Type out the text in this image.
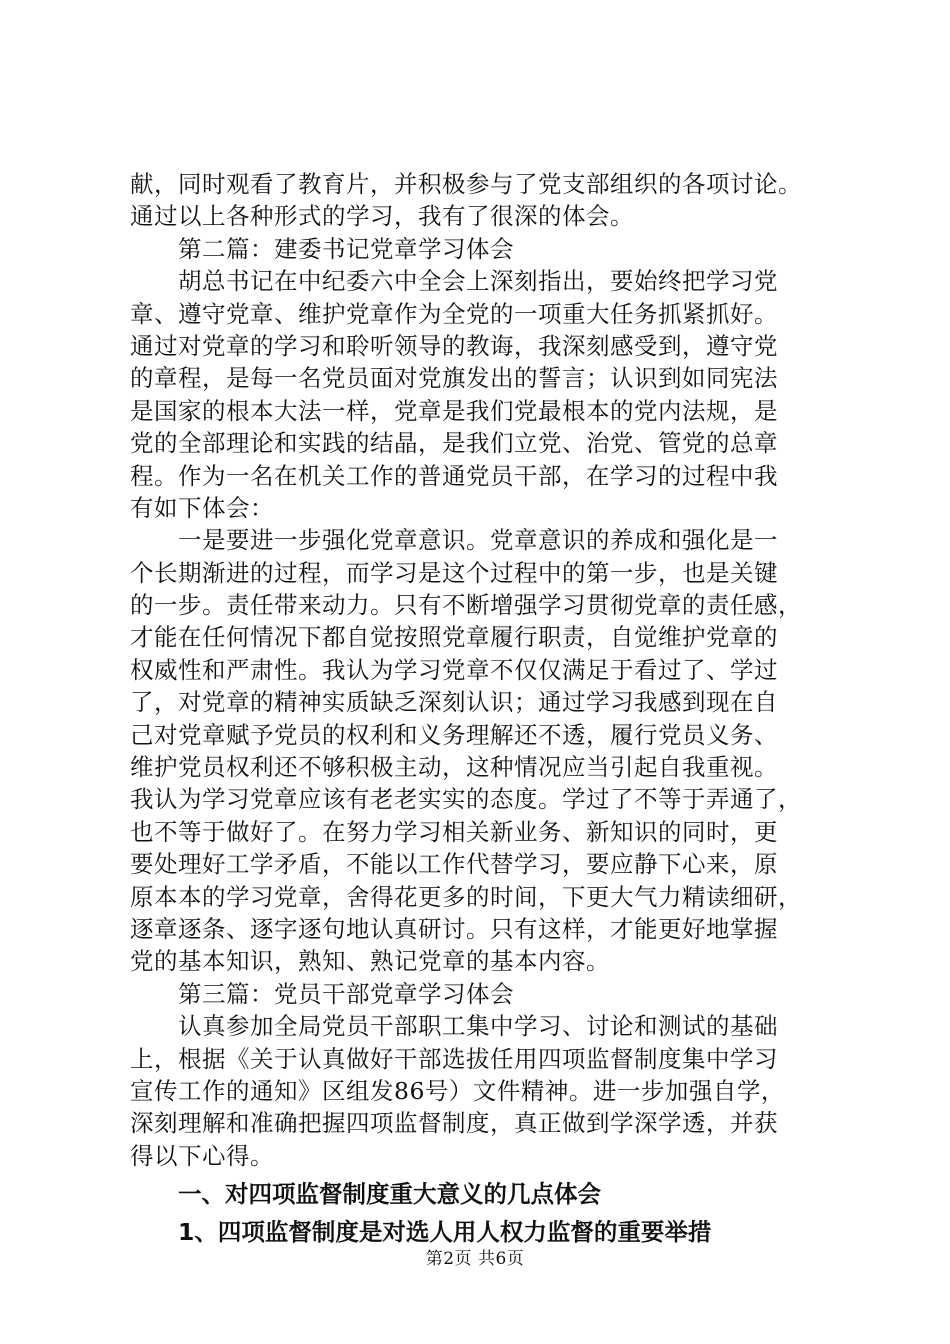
献，同时观看了教育片，并积极参与了党支部组织的各项讨论。
通过以上各种形式的学习，我有了很深的体会。
第二篇：建委书记党章学习体会
胡总书记在中纪委六中全会上深刻指出，要始终把学习党
章、遵守党章、维护党章作为全党的一项重大任务抓紧抓好。
通过对党章的学习和聆听领导的教诲，我深刻感受到，遵守党
的章程，是每一名党员面对党旗发出的誓言；认识到如同宪法
是国家的根本大法一样，党章是我们党最根本的党内法规，是
党的全部理论和实践的结晶，是我们立党、治党、管党的总章
程。作为一名在机关工作的普通党员干部，在学习的过程中我
有如下体会：
一是要进一步强化党章意识。党章意识的养成和强化是一
个长期渐进的过程，而学习是这个过程中的第一步，也是关键
的一步。责任带来动力。只有不断增强学习贯彻党章的责任感，
才能在任何情况下都自觉按照党章履行职责，自觉维护党章的
权威性和严肃性。我认为学习党章不仅仅满足于看过了、学过
了，对党章的精神实质缺乏深刻认识；通过学习我感到现在自
己对党章赋予党员的权利和义务理解还不透，履行党员义务、
维护党员权利还不够积极主动，这种情况应当引起自我重视。
我认为学习党章应该有老老实实的态度。学过了不等于弄通了，
也不等于做好了。在努力学习相关新业务、新知识的同时，更
要处理好工学矛盾，不能以工作代替学习，要应静下心来，原
原本本的学习党章，舍得花更多的时间，下更大气力精读细研，
逐章逐条、逐字逐句地认真研讨。只有这样，才能更好地掌握
党的基本知识，熟知、熟记党章的基本内容。
第三篇：党员干部党章学习体会
认真参加全局党员干部职工集中学习、讨论和测试的基础
上，根据《关于认真做好干部选拔任用四项监督制度集中学习
宣传工作的通知》区组发86号）文件精神。进一步加强自学，
深刻理解和准确把握四项监督制度，真正做到学深学透，并获
得以下心得。
一、对四项监督制度重大意义的几点体会
1、四项监督制度是对选人用人权力监督的重要举措
第2页 共6页
